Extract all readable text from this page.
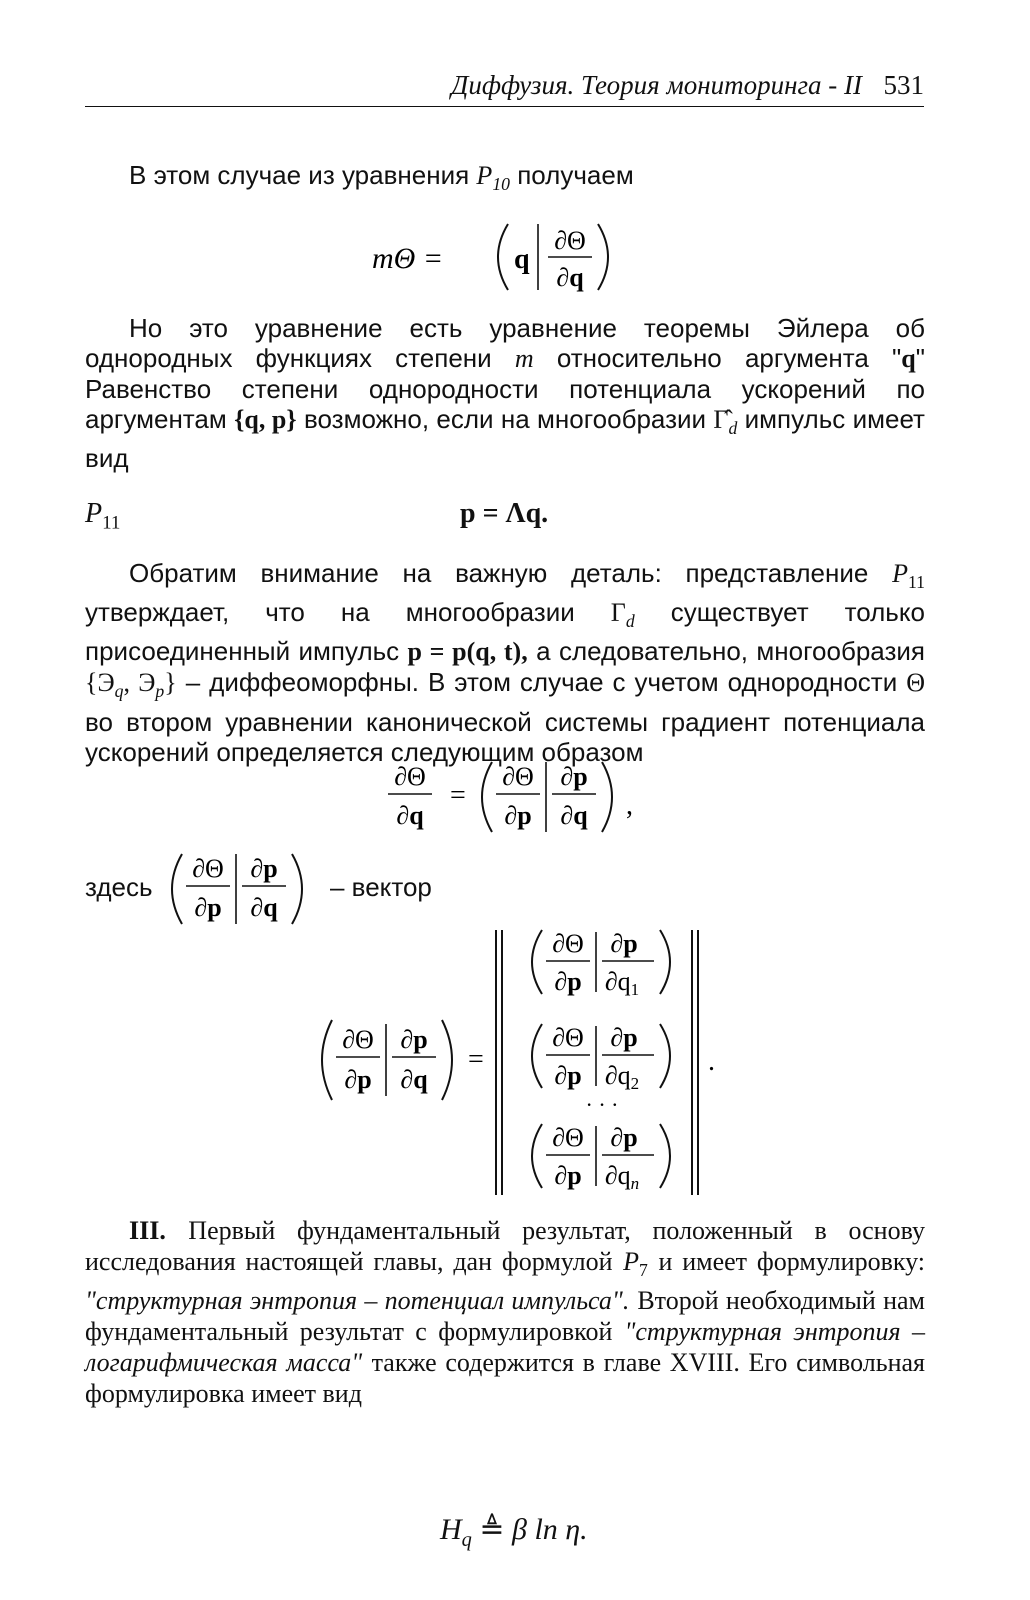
Диффузия. Теория мониторинга - II 531
В этом случае из уравнения $P_{10}$ получаем
mΘ =	q
∂Θ
∂q
Но это уравнение есть уравнение теоремы Эйлера об однородных функциях степени m относительно аргумента "q" Равенство степени однородности потенциала ускорений по аргументам {q, p} возможно, если на многообразии $\Gammâ_d$ импульс имеет вид
$P_{11}$	p = Λq.
Обратим внимание на важную деталь: представление $P_{11}$ утверждает, что на многообразии $\Gamma_d$ существует только присоединенный импульс p = p(q, t), а следовательно, многообразия {$Э_q$, $Э_p$} – диффеоморфны. В этом случае с учетом однородности Θ во втором уравнении канонической системы градиент потенциала ускорений определяется следующим образом
∂Θ
∂q
=
∂Θ
∂p
∂p
∂q ,
здесь
∂Θ
∂p
∂p
∂q
– вектор
∂Θ
∂p
∂p
∂q
=
∂Θ
∂p
∂p
∂q1
∂Θ
∂p
∂p
∂q2
· · ·
∂Θ
∂p
∂p
∂qn
.
III. Первый фундаментальный результат, положенный в основу исследования настоящей главы, дан формулой $P_7$ и имеет формулировку: "структурная энтропия – потенциал импульса". Второй необходимый нам фундаментальный результат с формулировкой "структурная энтропия – логарифмическая масса" также содержится в главе XVIII. Его символьная формулировка имеет вид
$H_q$ ≜ β ln η.
